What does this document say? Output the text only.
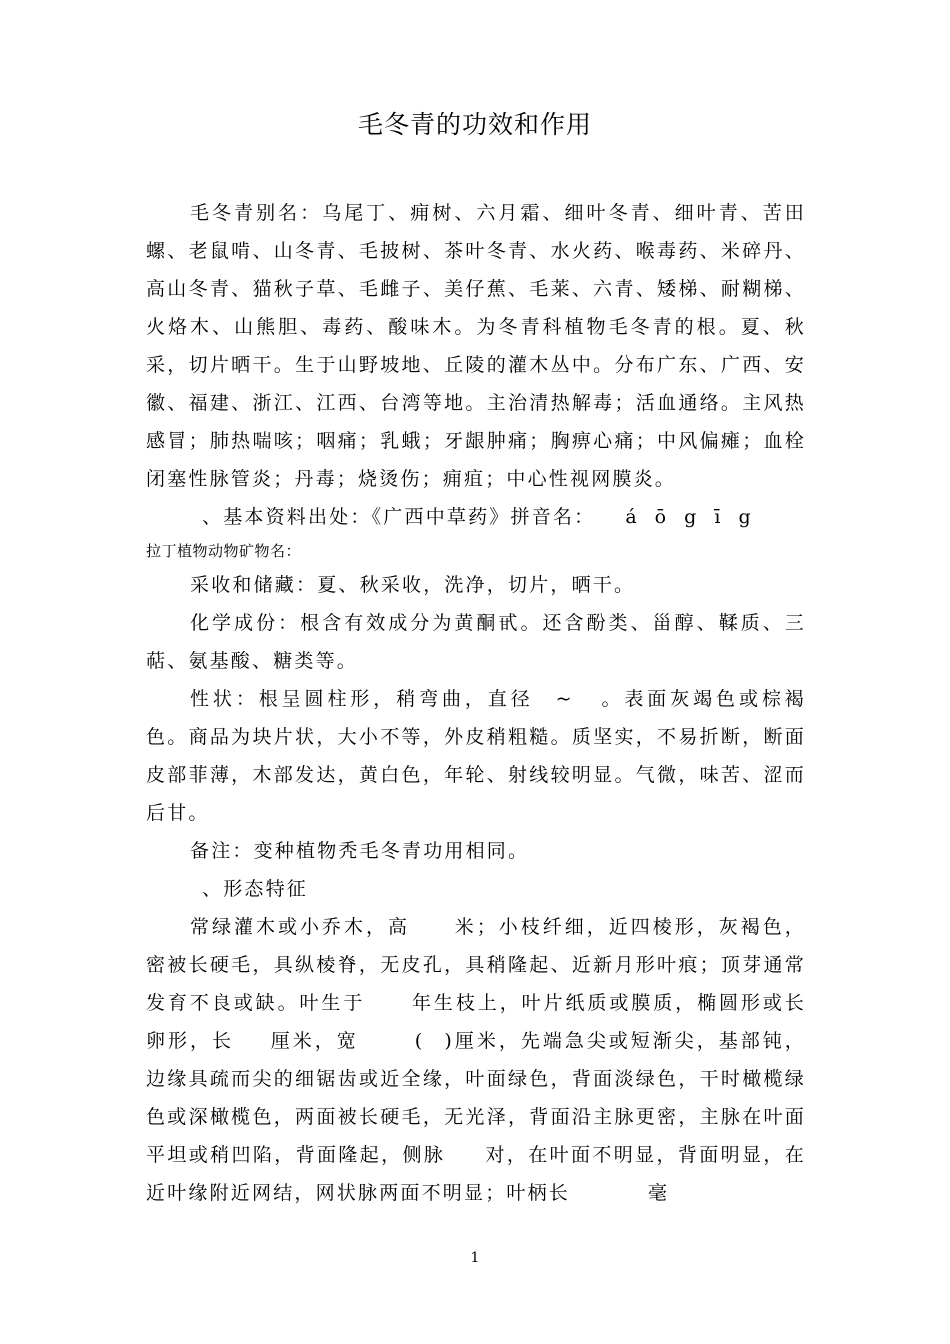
毛冬青的功效和作用

毛冬青别名：乌尾丁、痈树、六月霜、细叶冬青、细叶青、苦田螺、老鼠啃、山冬青、毛披树、茶叶冬青、水火药、喉毒药、米碎丹、高山冬青、猫秋子草、毛雌子、美仔蕉、毛莱、六青、矮梯、耐糊梯、火烙木、山熊胆、毒药、酸味木。为冬青科植物毛冬青的根。夏、秋采，切片晒干。生于山野坡地、丘陵的灌木丛中。分布广东、广西、安徽、福建、浙江、江西、台湾等地。主治清热解毒；活血通络。主风热感冒；肺热喘咳；咽痛；乳蛾；牙龈肿痛；胸痹心痛；中风偏瘫；血栓闭塞性脉管炎；丹毒；烧烫伤；痈疽；中心性视网膜炎。

、基本资料出处：《广西中草药》拼音名： á ō g ī g

拉丁植物动物矿物名：

采收和储藏：夏、秋采收，洗净，切片，晒干。

化学成份：根含有效成分为黄酮甙。还含酚类、甾醇、鞣质、三萜、氨基酸、糖类等。

性状：根呈圆柱形，稍弯曲，直径 ~ 。表面灰竭色或棕褐色。商品为块片状，大小不等，外皮稍粗糙。质坚实，不易折断，断面皮部菲薄，木部发达，黄白色，年轮、射线较明显。气微，味苦、涩而后甘。

备注：变种植物秃毛冬青功用相同。

、形态特征

常绿灌木或小乔木，高 米；小枝纤细，近四棱形，灰褐色，密被长硬毛，具纵棱脊，无皮孔，具稍隆起、近新月形叶痕；顶芽通常发育不良或缺。叶生于 年生枝上，叶片纸质或膜质，椭圆形或长卵形，长 厘米，宽	( )厘米，先端急尖或短渐尖，基部钝，边缘具疏而尖的细锯齿或近全缘，叶面绿色，背面淡绿色，干时橄榄绿色或深橄榄色，两面被长硬毛，无光泽，背面沿主脉更密，主脉在叶面平坦或稍凹陷，背面隆起，侧脉 对，在叶面不明显，背面明显，在近叶缘附近网结，网状脉两面不明显；叶柄长	毫

1
